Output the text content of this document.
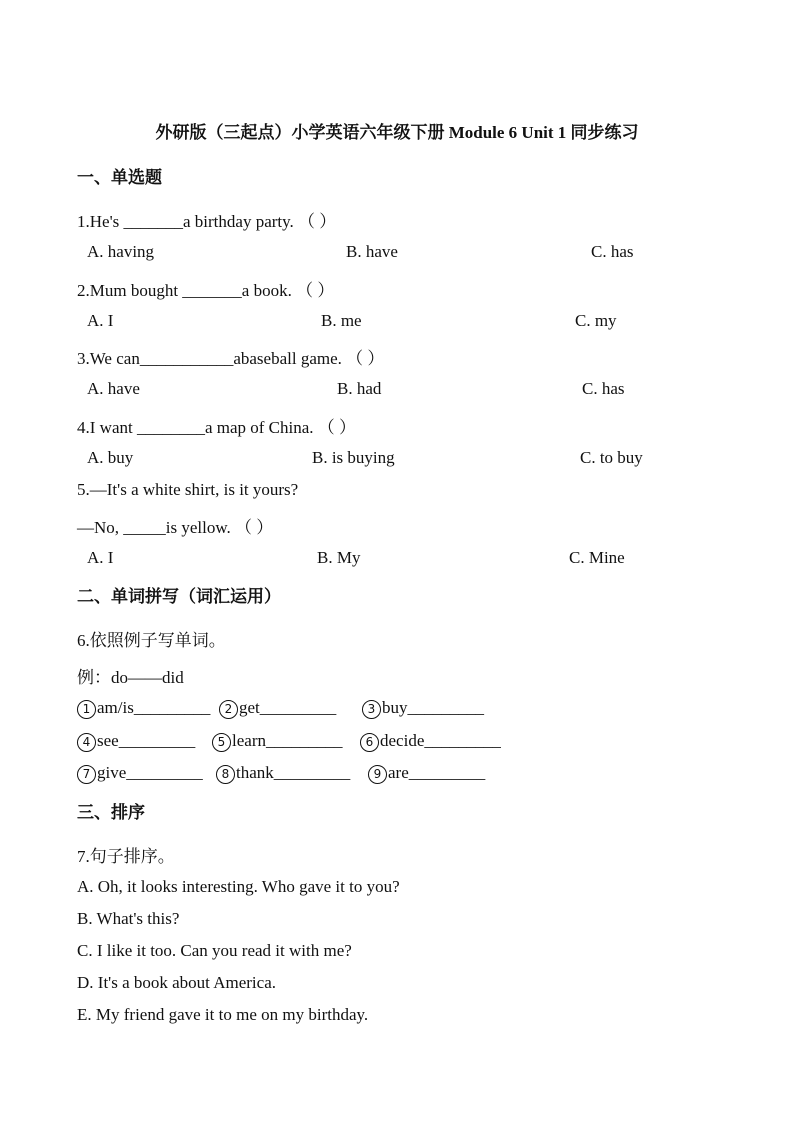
外研版（三起点）小学英语六年级下册 Module 6 Unit 1 同步练习
一、单选题
1.He's _______a birthday party. （ ）
A. having	B. have	C. has
2.Mum bought _______a book. （ ）
A. I	B. me	C. my
3.We can___________abaseball game. （ ）
A. have	B. had	C. has
4.I want ________a map of China. （ ）
A. buy	B. is buying	C. to buy
5.—It's a white shirt, is it yours?
—No, _____is yellow. （ ）
A. I	B. My	C. Mine
二、单词拼写（词汇运用）
6.依照例子写单词。
例：do——did
1 am/is_________	2 get_________	3 buy_________
4 see_________	5 learn_________	6 decide_________
7 give_________	8 thank_________	9 are_________
三、排序
7.句子排序。
A. Oh, it looks interesting. Who gave it to you?
B. What's this?
C. I like it too. Can you read it with me?
D. It's a book about America.
E. My friend gave it to me on my birthday.
